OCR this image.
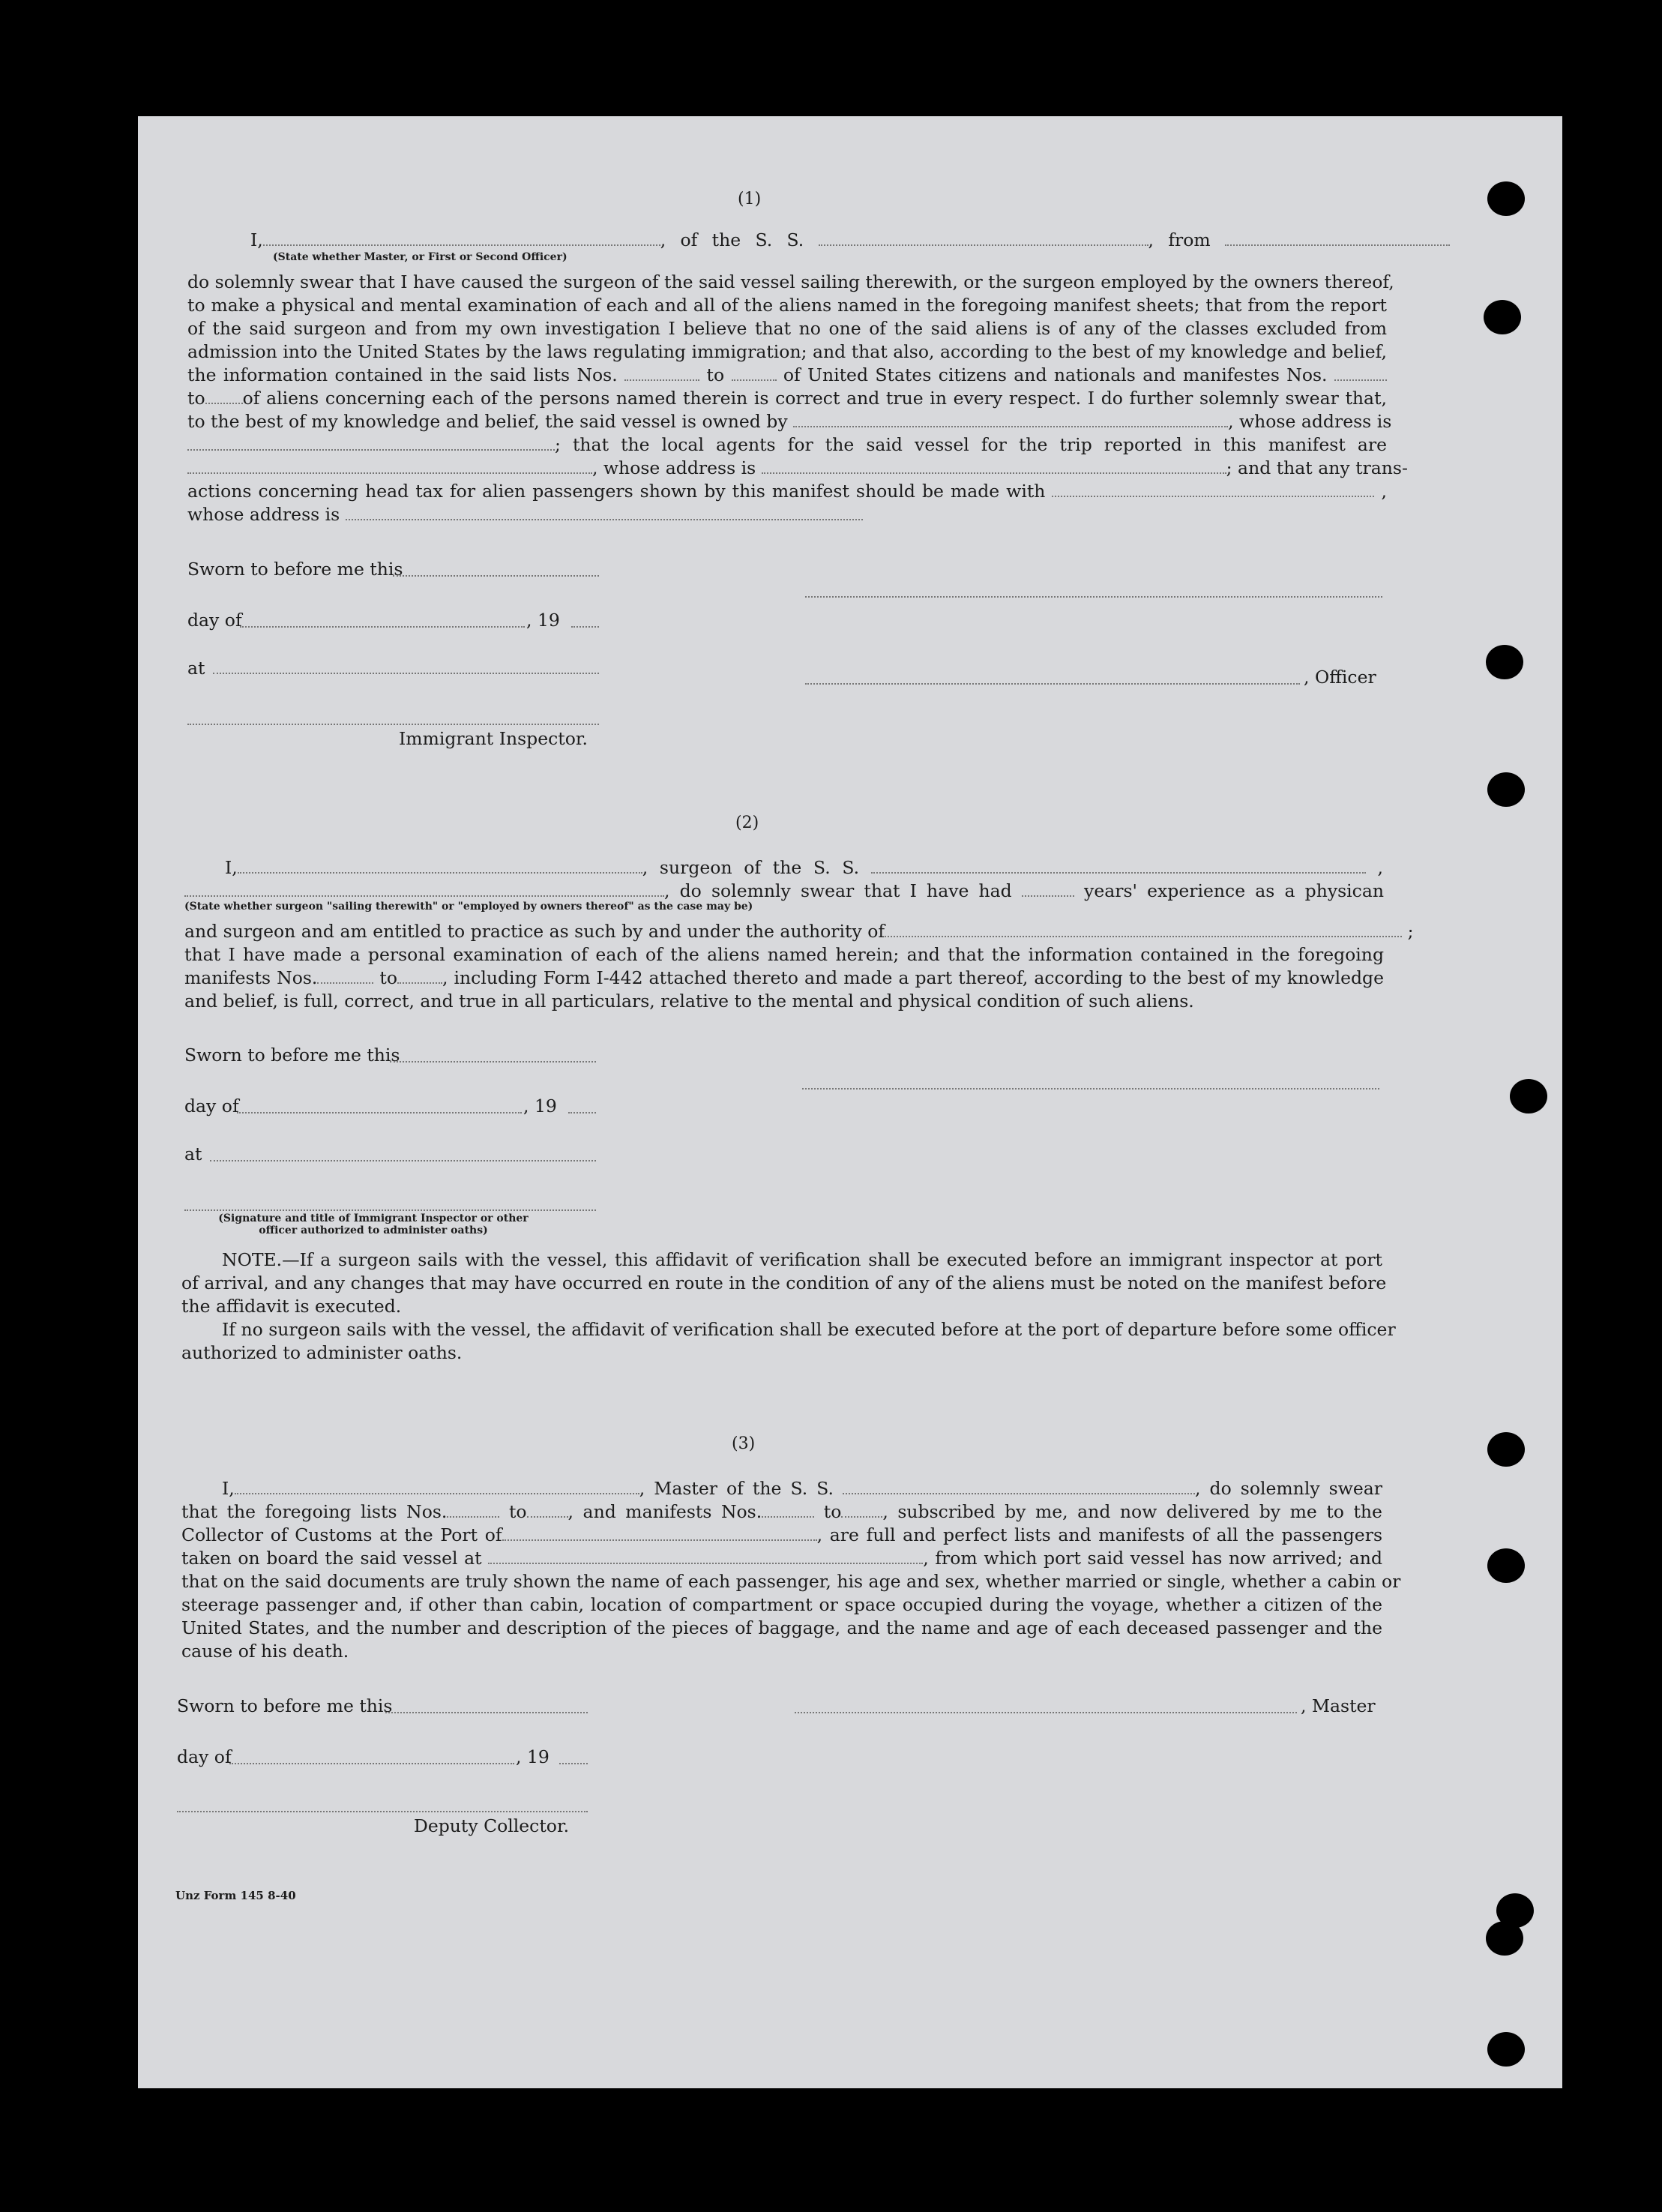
(1)
I,	, of the S. S.	, from
(State whether Master, or First or Second Officer)
do solemnly swear that I have caused the surgeon of the said vessel sailing therewith, or the surgeon employed by the owners thereof,
to make a physical and mental examination of each and all of the aliens named in the foregoing manifest sheets; that from the report
of the said surgeon and from my own investigation I believe that no one of the said aliens is of any of the classes excluded from
admission into the United States by the laws regulating immigration; and that also, according to the best of my knowledge and belief,
the information contained in the said lists Nos.	to	of United States citizens and nationals and manifestes Nos.
to of aliens concerning each of the persons named therein is correct and true in every respect. I do further solemnly swear that,
to the best of my knowledge and belief, the said vessel is owned by	, whose address is
; that the local agents for the said vessel for the trip reported in this manifest are
, whose address is	; and that any trans-
actions concerning head tax for alien passengers shown by this manifest should be made with	,
whose address is
Sworn to before me this
day of	, 19
at	, Officer
Immigrant Inspector.
(2)
I,	, surgeon of the S. S.	,
, do solemnly swear that I have had	years' experience as a physican
(State whether surgeon "sailing therewith" or "employed by owners thereof" as the case may be)
and surgeon and am entitled to practice as such by and under the authority of	;
that I have made a personal examination of each of the aliens named herein; and that the information contained in the foregoing
manifests Nos.	to	, including Form I-442 attached thereto and made a part thereof, according to the best of my knowledge
and belief, is full, correct, and true in all particulars, relative to the mental and physical condition of such aliens.
Sworn to before me this
day of	, 19
at
(Signature and title of Immigrant Inspector or other
officer authorized to administer oaths)
NOTE.—If a surgeon sails with the vessel, this affidavit of verification shall be executed before an immigrant inspector at port
of arrival, and any changes that may have occurred en route in the condition of any of the aliens must be noted on the manifest before
the affidavit is executed.
If no surgeon sails with the vessel, the affidavit of verification shall be executed before at the port of departure before some officer
authorized to administer oaths.
(3)
I,	, Master of the S. S.	, do solemnly swear
that the foregoing lists Nos.	to , and manifests Nos.	to , subscribed by me, and now delivered by me to the
Collector of Customs at the Port of	, are full and perfect lists and manifests of all the passengers
taken on board the said vessel at	, from which port said vessel has now arrived; and
that on the said documents are truly shown the name of each passenger, his age and sex, whether married or single, whether a cabin or
steerage passenger and, if other than cabin, location of compartment or space occupied during the voyage, whether a citizen of the
United States, and the number and description of the pieces of baggage, and the name and age of each deceased passenger and the
cause of his death.
Sworn to before me this	, Master
day of	, 19
Deputy Collector.
Unz Form 145 8-40
